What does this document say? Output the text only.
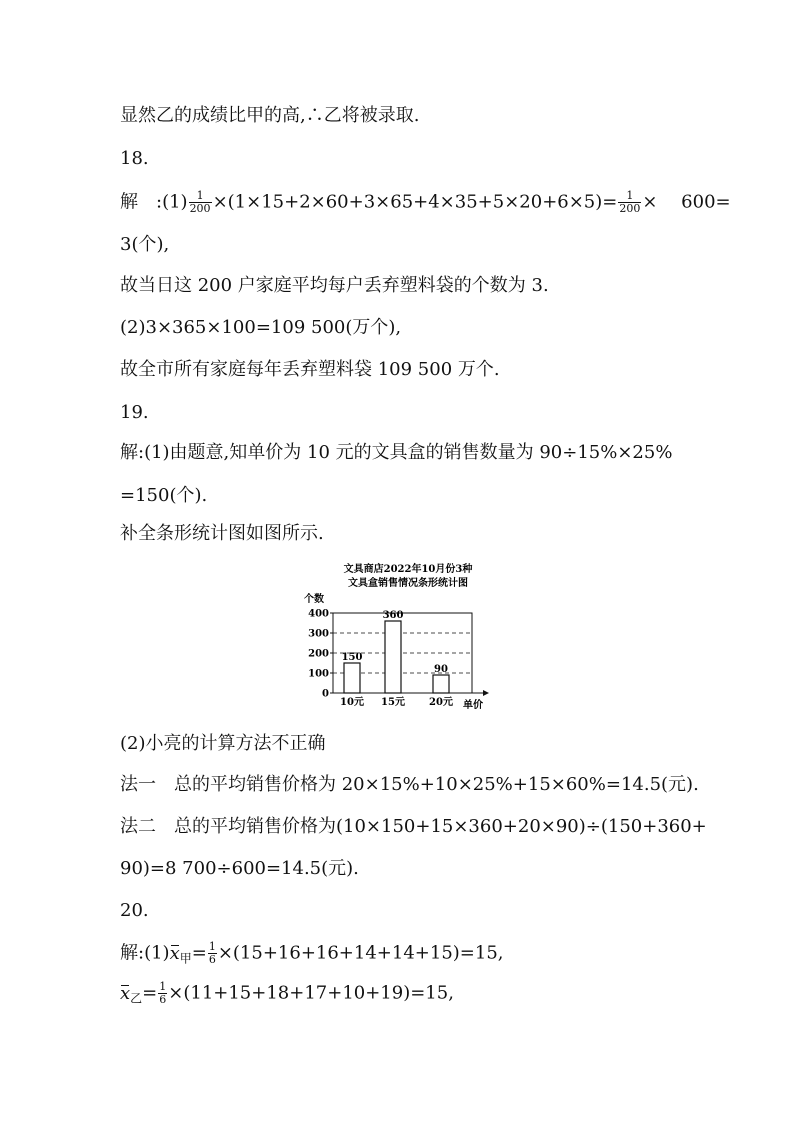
显然乙的成绩比甲的高,∴乙将被录取.
18.
解　:(1) $\frac{1}{200} \times(1\times 15+2\times 60+3\times 65+4\times 35+5\times 20+6\times 5)= \frac{1}{200}$ ×　 600=
3(个),
故当日这 200 户家庭平均每户丢弃塑料袋的个数为 3.
(2)3×365×100=109 500(万个),
故全市所有家庭每年丢弃塑料袋 109 500 万个.
19.
解:(1)由题意,知单价为 10 元的文具盒的销售数量为 90÷15%×25%
=150(个).
补全条形统计图如图所示.
文具商店2022年10月份3种
文具盒销售情况条形统计图
个数
单价
0
100
200
300
400
150
10元
360
15元
90
20元
(2)小亮的计算方法不正确
法一　总的平均销售价格为 20×15%+10×25%+15×60%=14.5(元).
法二　总的平均销售价格为(10×150+15×360+20×90)÷(150+360+
90)=8 700÷600=14.5(元).
20.
解$:(1)x_甲= \frac{1}{6} \times(15+16+16+14+14+15)=15$,
$x_乙= \frac{1}{6} \times(11+15+18+17+10+19)=15$,
